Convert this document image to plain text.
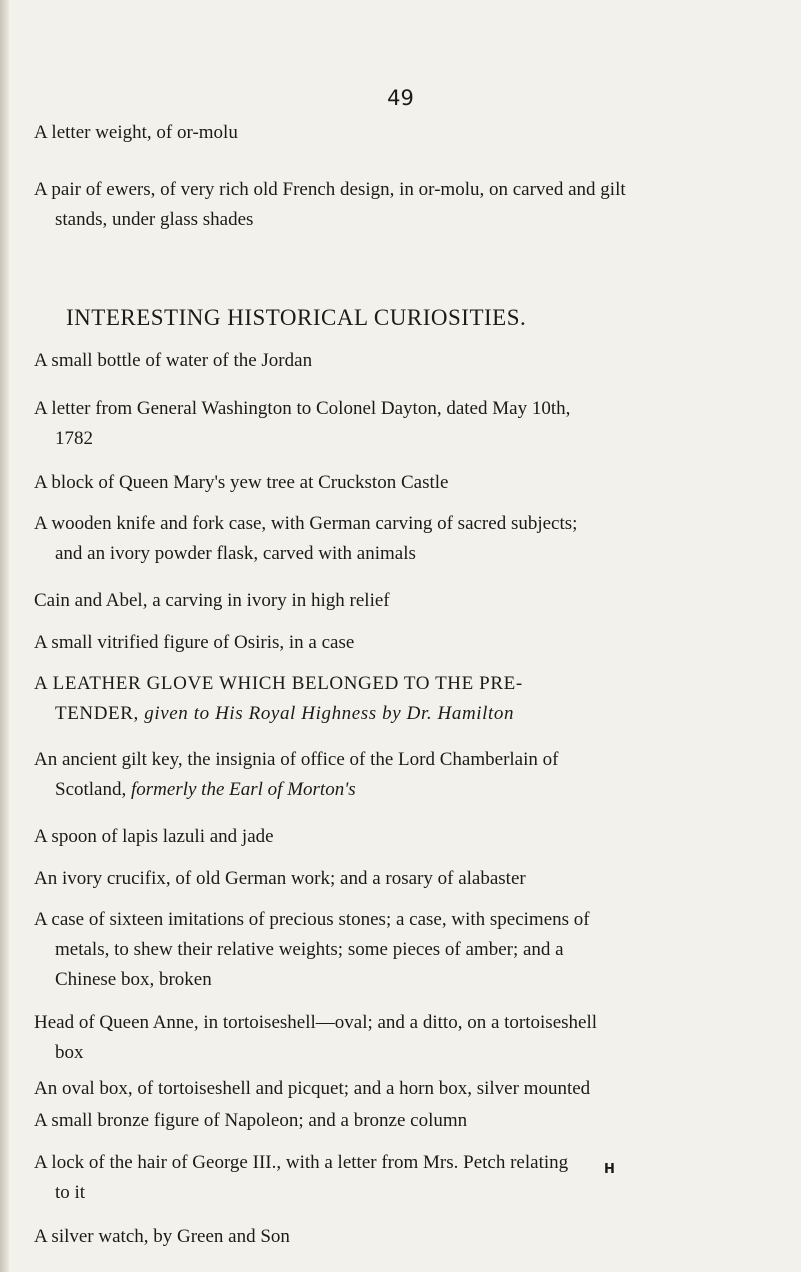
49
A letter weight, of or-molu
A pair of ewers, of very rich old French design, in or-molu, on carved and gilt
stands, under glass shades
INTERESTING HISTORICAL CURIOSITIES.
A small bottle of water of the Jordan
A letter from General Washington to Colonel Dayton, dated May 10th,
1782
A block of Queen Mary's yew tree at Cruckston Castle
A wooden knife and fork case, with German carving of sacred subjects;
and an ivory powder flask, carved with animals
Cain and Abel, a carving in ivory in high relief
A small vitrified figure of Osiris, in a case
A LEATHER GLOVE WHICH BELONGED TO THE PRE-
TENDER, given to His Royal Highness by Dr. Hamilton
An ancient gilt key, the insignia of office of the Lord Chamberlain of
Scotland, formerly the Earl of Morton's
A spoon of lapis lazuli and jade
An ivory crucifix, of old German work; and a rosary of alabaster
A case of sixteen imitations of precious stones; a case, with specimens of
metals, to shew their relative weights; some pieces of amber; and a
Chinese box, broken
Head of Queen Anne, in tortoiseshell—oval; and a ditto, on a tortoiseshell
box
An oval box, of tortoiseshell and picquet; and a horn box, silver mounted
A small bronze figure of Napoleon; and a bronze column
A lock of the hair of George III., with a letter from Mrs. Petch relating
to it
A silver watch, by Green and Son
H
